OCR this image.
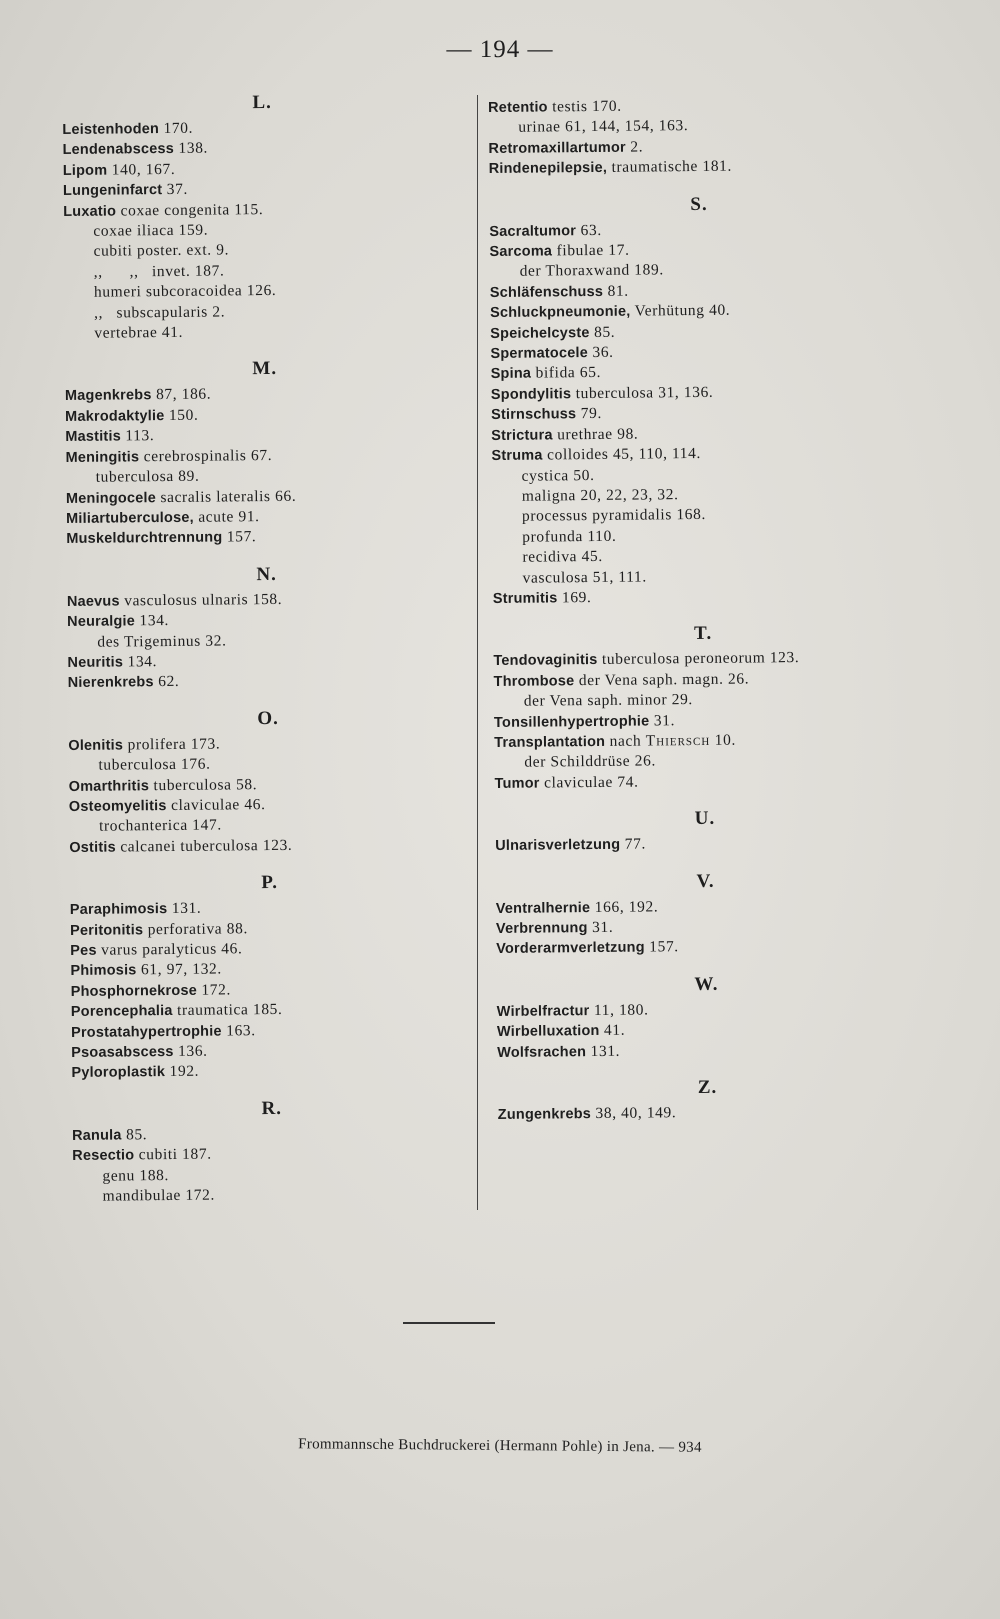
— 194 —
L.
Leistenhoden 170.
Lendenabscess 138.
Lipom 140, 167.
Lungeninfarct 37.
Luxatio coxae congenita 115.
coxae iliaca 159.
cubiti poster. ext. 9.
,,      ,,   invet. 187.
humeri subcoracoidea 126.
,,   subscapularis 2.
vertebrae 41.
M.
Magenkrebs 87, 186.
Makrodaktylie 150.
Mastitis 113.
Meningitis cerebrospinalis 67.
tuberculosa 89.
Meningocele sacralis lateralis 66.
Miliartuberculose, acute 91.
Muskeldurchtrennung 157.
N.
Naevus vasculosus ulnaris 158.
Neuralgie 134.
des Trigeminus 32.
Neuritis 134.
Nierenkrebs 62.
O.
Olenitis prolifera 173.
tuberculosa 176.
Omarthritis tuberculosa 58.
Osteomyelitis claviculae 46.
trochanterica 147.
Ostitis calcanei tuberculosa 123.
P.
Paraphimosis 131.
Peritonitis perforativa 88.
Pes varus paralyticus 46.
Phimosis 61, 97, 132.
Phosphornekrose 172.
Porencephalia traumatica 185.
Prostatahypertrophie 163.
Psoasabscess 136.
Pyloroplastik 192.
R.
Ranula 85.
Resectio cubiti 187.
genu 188.
mandibulae 172.
Retentio testis 170.
urinae 61, 144, 154, 163.
Retromaxillartumor 2.
Rindenepilepsie, traumatische 181.
S.
Sacraltumor 63.
Sarcoma fibulae 17.
der Thoraxwand 189.
Schläfenschuss 81.
Schluckpneumonie, Verhütung 40.
Speichelcyste 85.
Spermatocele 36.
Spina bifida 65.
Spondylitis tuberculosa 31, 136.
Stirnschuss 79.
Strictura urethrae 98.
Struma colloides 45, 110, 114.
cystica 50.
maligna 20, 22, 23, 32.
processus pyramidalis 168.
profunda 110.
recidiva 45.
vasculosa 51, 111.
Strumitis 169.
T.
Tendovaginitis tuberculosa peroneorum 123.
Thrombose der Vena saph. magn. 26.
der Vena saph. minor 29.
Tonsillenhypertrophie 31.
Transplantation nach Thiersch 10.
der Schilddrüse 26.
Tumor claviculae 74.
U.
Ulnarisverletzung 77.
V.
Ventralhernie 166, 192.
Verbrennung 31.
Vorderarmverletzung 157.
W.
Wirbelfractur 11, 180.
Wirbelluxation 41.
Wolfsrachen 131.
Z.
Zungenkrebs 38, 40, 149.
Frommannsche Buchdruckerei (Hermann Pohle) in Jena. — 934
